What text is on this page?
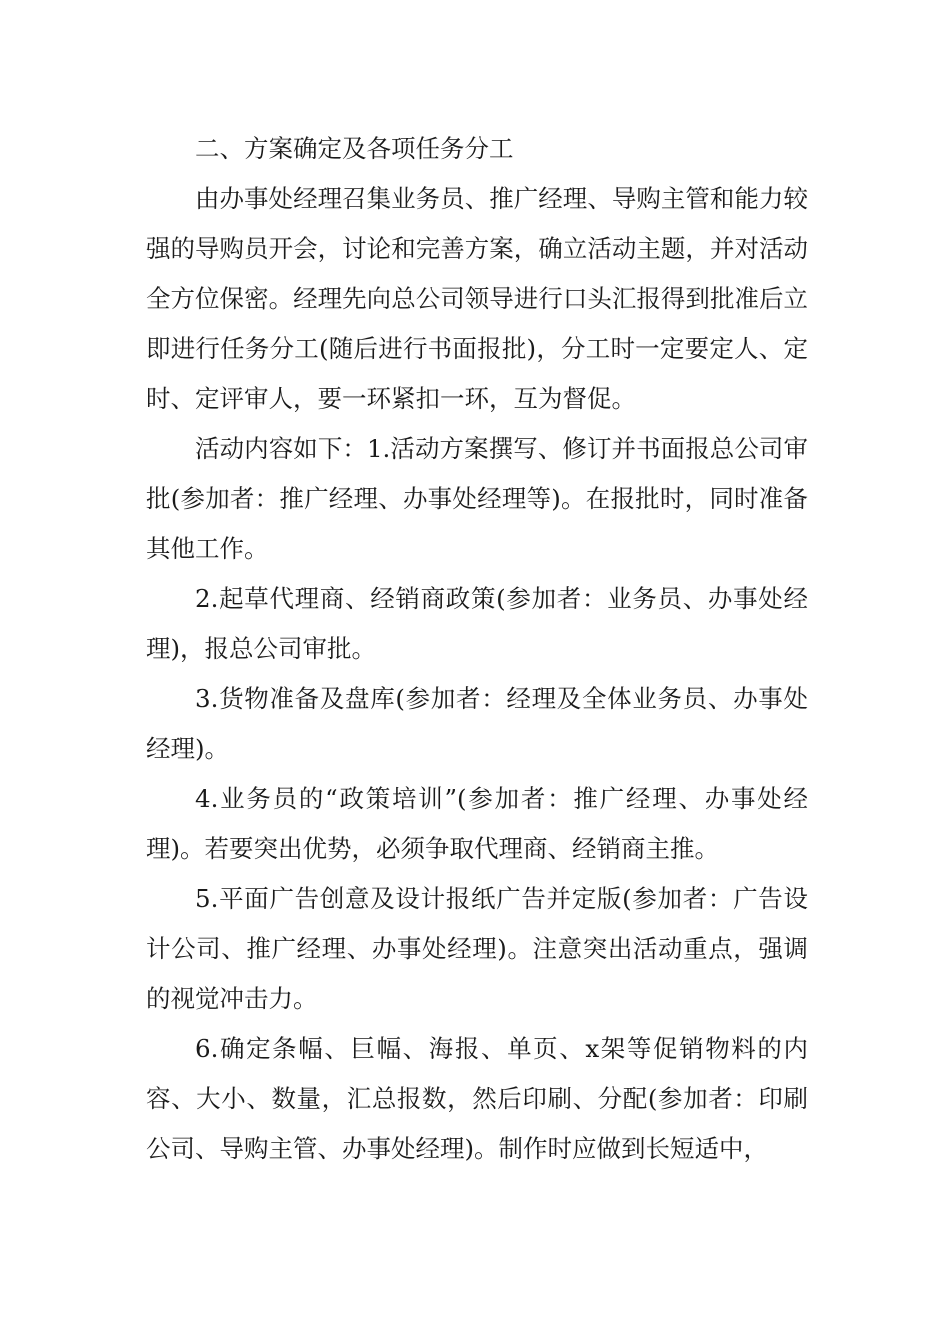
二、方案确定及各项任务分工

由办事处经理召集业务员、推广经理、导购主管和能力较强的导购员开会，讨论和完善方案，确立活动主题，并对活动全方位保密。经理先向总公司领导进行口头汇报得到批准后立即进行任务分工(随后进行书面报批)，分工时一定要定人、定时、定评审人，要一环紧扣一环，互为督促。

活动内容如下：1.活动方案撰写、修订并书面报总公司审批(参加者：推广经理、办事处经理等)。在报批时，同时准备其他工作。

2.起草代理商、经销商政策(参加者：业务员、办事处经理)，报总公司审批。

3.货物准备及盘库(参加者：经理及全体业务员、办事处经理)。

4.业务员的“政策培训”(参加者：推广经理、办事处经理)。若要突出优势，必须争取代理商、经销商主推。

5.平面广告创意及设计报纸广告并定版(参加者：广告设计公司、推广经理、办事处经理)。注意突出活动重点，强调的视觉冲击力。

6.确定条幅、巨幅、海报、单页、x架等促销物料的内容、大小、数量，汇总报数，然后印刷、分配(参加者：印刷公司、导购主管、办事处经理)。制作时应做到长短适中，
